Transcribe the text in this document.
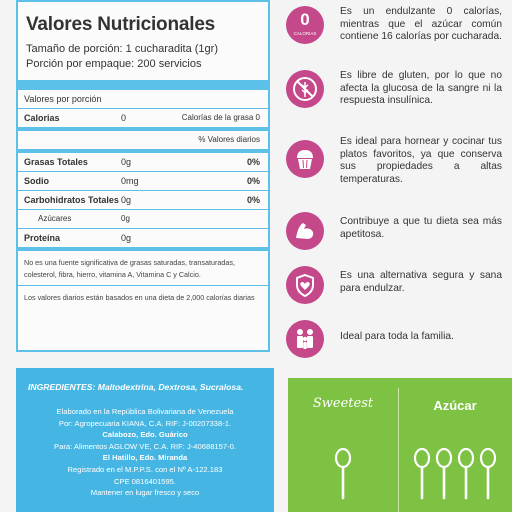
Valores Nutricionales
Tamaño de porción: 1 cucharadita (1gr)
Porción por empaque: 200 servicios
Valores por porción
Calorias	0	Calorías de la grasa 0
% Valores diarios
Grasas Totales	0g	0%
Sodio	0mg	0%
Carbohidratos Totales 0g	0%
Azúcares	0g
Proteína	0g
No es una fuente significativa de grasas saturadas, transaturadas, colesterol, fibra, hierro, vitamina A, Vitamina C y Calcio.
Los valores diarios están basados en una dieta de 2,000 calorías diarias
INGREDIENTES: Maltodextrina, Dextrosa, Sucralosa.
Elaborado en la República Bolivariana de Venezuela
Por: Agropecuaria KIANA, C.A. RIF: J-00207338-1.
Calabozo, Edo. Guárico
Para: Alimentos AGLOW VE, C.A. RIF: J-40688157-0.
El Hatillo, Edo. Miranda
Registrado en el M.P.P.S. con el Nº A-122.183
CPE 0816401595.
Mantener en lugar fresco y seco
0
CALORIAS
Es un endulzante 0 calorías, mientras que el azúcar común contiene 16 calorías por cucharada.
Es libre de gluten, por lo que no afecta la glucosa de la sangre ni la respuesta insulínica.
Es ideal para hornear y cocinar tus platos favoritos, ya que conserva sus propiedades a altas temperaturas.
Contribuye a que tu dieta sea más apetitosa.
Es una alternativa segura y sana para endulzar.
Ideal para toda la familia.
Sweetest	Azúcar
